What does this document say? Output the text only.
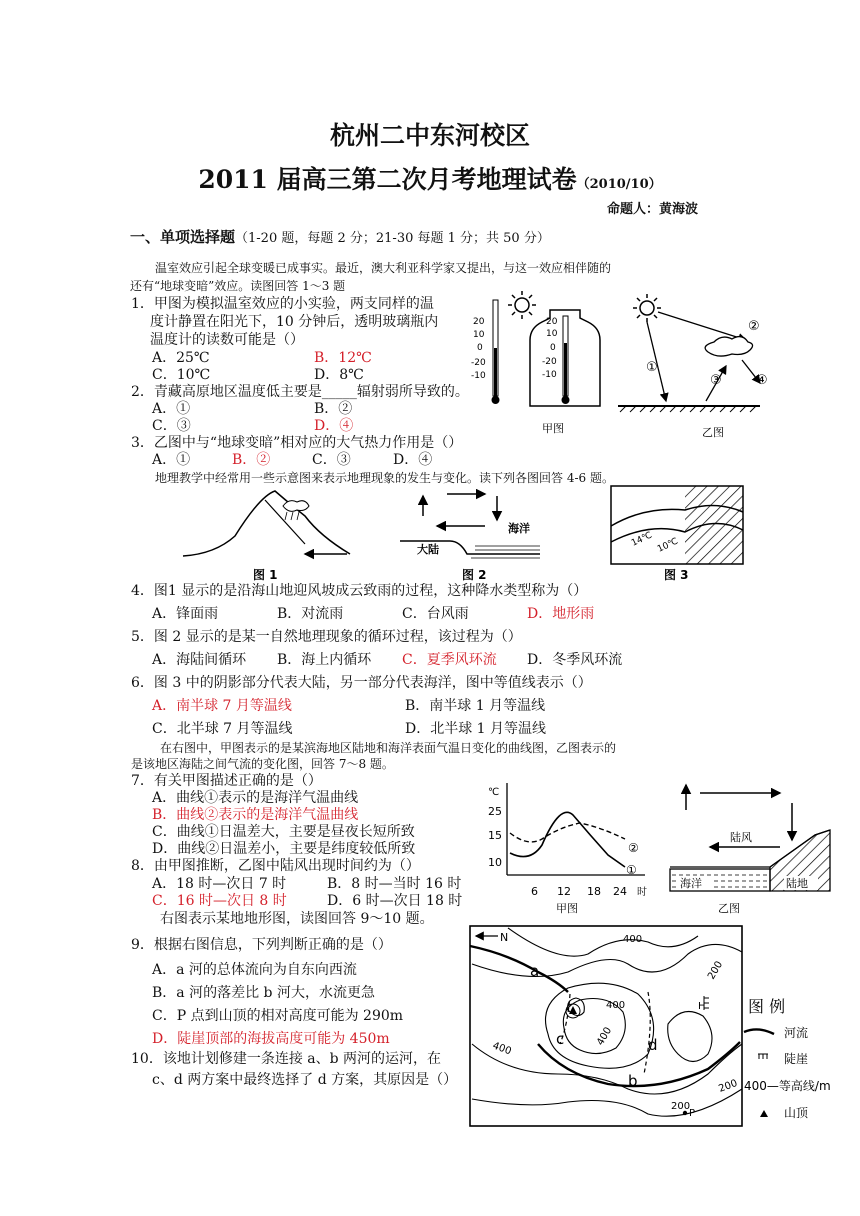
杭州二中东河校区
2011 届高三第二次月考地理试卷（2010/10）
命题人：黄海波
一、单项选择题（1-20 题，每题 2 分；21-30 每题 1 分；共 50 分）
温室效应引起全球变暖已成事实。最近，澳大利亚科学家又提出，与这一效应相伴随的
还有“地球变暗”效应。读图回答 1～3 题
1．甲图为模拟温室效应的小实验，两支同样的温
度计静置在阳光下，10 分钟后，透明玻璃瓶内
温度计的读数可能是（）
A．25℃	B．12℃
C．10℃	D．8℃
2．青藏高原地区温度低主要是_____辐射弱所导致的。
A．①	B．②
C．③	D．④
3．乙图中与“地球变暗”相对应的大气热力作用是（）
A．①	B．②	C．③	D．④
20
10
0
-20
-10
20
10
0
-20
-10
甲图
①
②
③	④
乙图
地理教学中经常用一些示意图来表示地理现象的发生与变化。读下列各图回答 4-6 题。
图 1
大陆
海洋
图 2
14℃ 10℃
图 3
4．图1 显示的是沿海山地迎风坡成云致雨的过程，这种降水类型称为（）
A．锋面雨	B．对流雨	C．台风雨	D．地形雨
5．图 2 显示的是某一自然地理现象的循环过程，该过程为（）
A．海陆间循环 B．海上内循环 C．夏季风环流 D．冬季风环流
6．图 3 中的阴影部分代表大陆，另一部分代表海洋，图中等值线表示（）
A．南半球 7 月等温线	B．南半球 1 月等温线
C．北半球 7 月等温线	D．北半球 1 月等温线
在右图中，甲图表示的是某滨海地区陆地和海洋表面气温日变化的曲线图，乙图表示的
是该地区海陆之间气流的变化图，回答 7～8 题。
7．有关甲图描述正确的是（）
A．曲线①表示的是海洋气温曲线
B．曲线②表示的是海洋气温曲线
C．曲线①日温差大，主要是昼夜长短所致
D．曲线②日温差小，主要是纬度较低所致
8．由甲图推断，乙图中陆风出现时间约为（）
A．18 时—次日 7 时	B．8 时—当时 16 时
C．16 时—次日 8 时	D．6 时—次日 18 时
℃
25
15
10
6 12 18 24 时
①
②
甲图
陆风
海洋	陆地
乙图
右图表示某地地形图，读图回答 9～10 题。
9．根据右图信息，下列判断正确的是（）
A．a 河的总体流向为自东向西流
B．a 河的落差比 b 河大，水流更急
C．P 点到山顶的相对高度可能为 290m
D．陡崖顶部的海拔高度可能为 450m
10．该地计划修建一条连接 a、b 两河的运河，在
c、d 两方案中最终选择了 d 方案，其原因是（）
N	400
400
200
400
400
200
200
a
b
c	d
H
P
图 例
河流
陡崖
400—等高线/m
山顶
